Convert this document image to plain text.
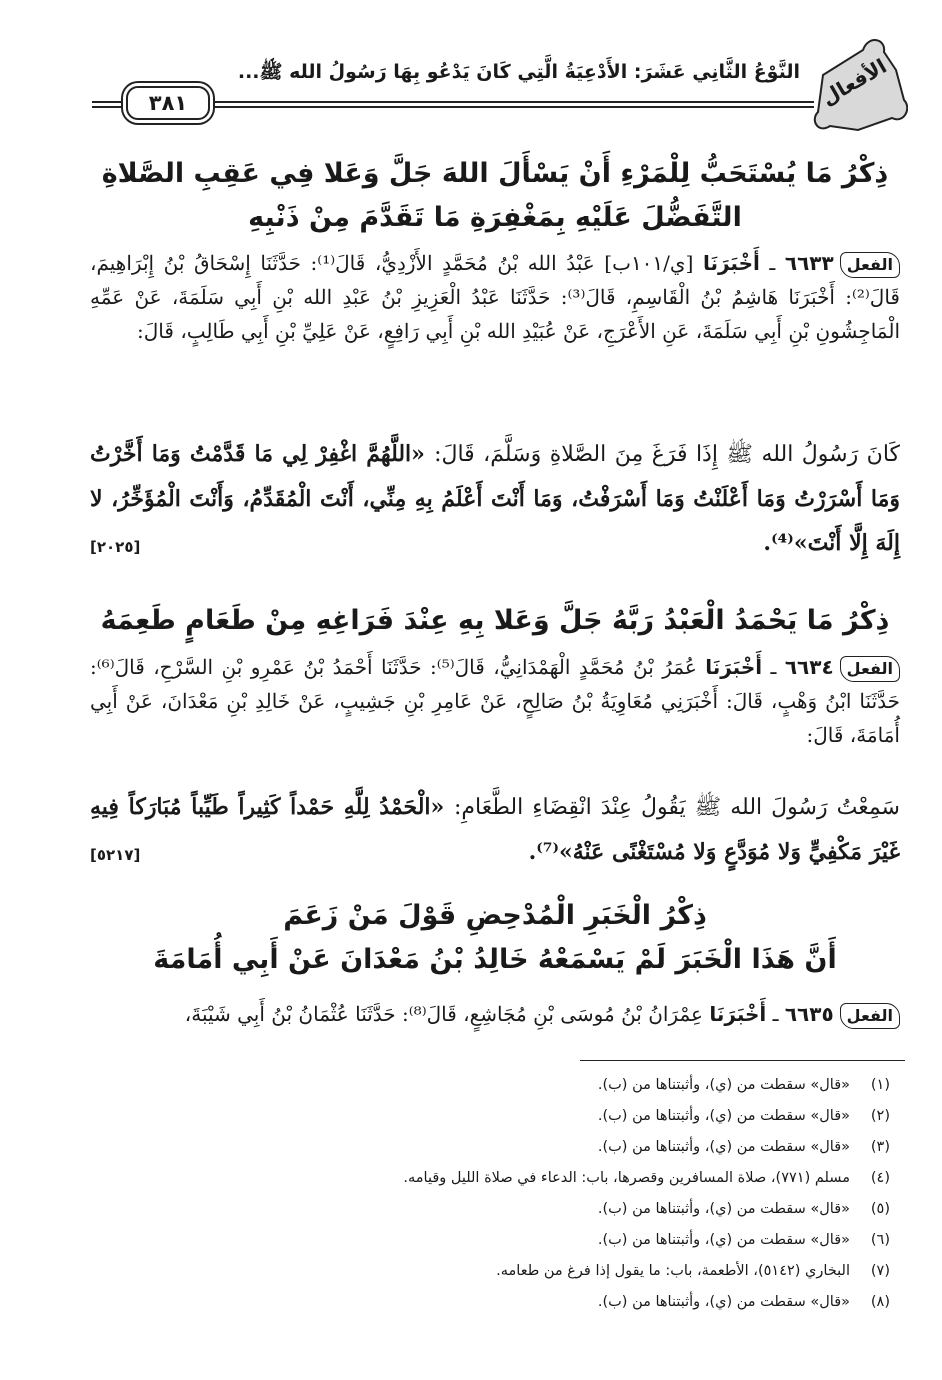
الأفعال
النَّوْعُ الثَّانِي عَشَرَ: الأَدْعِيَةُ الَّتِي كَانَ يَدْعُو بِهَا رَسُولُ الله ﷺ...
٣٨١
ذِكْرُ مَا يُسْتَحَبُّ لِلْمَرْءِ أَنْ يَسْأَلَ اللهَ جَلَّ وَعَلا فِي عَقِبِ الصَّلاةِ
التَّفَضُّلَ عَلَيْهِ بِمَغْفِرَةِ مَا تَقَدَّمَ مِنْ ذَنْبِهِ
الفعل٦٦٣٣ ـ أَخْبَرَنَا [ي/١٠١ب] عَبْدُ الله بْنُ مُحَمَّدٍ الأَزْدِيُّ، قَالَ⁽¹⁾: حَدَّثَنَا إِسْحَاقُ بْنُ إِبْرَاهِيمَ، قَالَ⁽²⁾: أَخْبَرَنَا هَاشِمُ بْنُ الْقَاسِمِ، قَالَ⁽³⁾: حَدَّثَنَا عَبْدُ الْعَزِيزِ بْنُ عَبْدِ الله بْنِ أَبِي سَلَمَةَ، عَنْ عَمِّهِ الْمَاجِشُونِ بْنِ أَبِي سَلَمَةَ، عَنِ الأَعْرَجِ، عَنْ عُبَيْدِ الله بْنِ أَبِي رَافِعٍ، عَنْ عَلِيِّ بْنِ أَبِي طَالِبٍ، قَالَ:
كَانَ رَسُولُ الله ﷺ إِذَا فَرَغَ مِنَ الصَّلاةِ وَسَلَّمَ، قَالَ: «اللَّهُمَّ اغْفِرْ لِي مَا قَدَّمْتُ وَمَا أَخَّرْتُ وَمَا أَسْرَرْتُ وَمَا أَعْلَنْتُ وَمَا أَسْرَفْتُ، وَمَا أَنْتَ أَعْلَمُ بِهِ مِنِّي، أَنْتَ الْمُقَدِّمُ، وَأَنْتَ الْمُؤَخِّرُ، لا إِلَهَ إِلَّا أَنْتَ»⁽⁴⁾.
[٢٠٢٥]
ذِكْرُ مَا يَحْمَدُ الْعَبْدُ رَبَّهُ جَلَّ وَعَلا بِهِ عِنْدَ فَرَاغِهِ مِنْ طَعَامٍ طَعِمَهُ
الفعل٦٦٣٤ ـ أَخْبَرَنَا عُمَرُ بْنُ مُحَمَّدٍ الْهَمْدَانِيُّ، قَالَ⁽⁵⁾: حَدَّثَنَا أَحْمَدُ بْنُ عَمْرِو بْنِ السَّرْحِ، قَالَ⁽⁶⁾: حَدَّثَنَا ابْنُ وَهْبٍ، قَالَ: أَخْبَرَنِي مُعَاوِيَةُ بْنُ صَالِحٍ، عَنْ عَامِرِ بْنِ جَشِيبٍ، عَنْ خَالِدِ بْنِ مَعْدَانَ، عَنْ أَبِي أُمَامَةَ، قَالَ:
سَمِعْتُ رَسُولَ الله ﷺ يَقُولُ عِنْدَ انْقِضَاءِ الطَّعَامِ: «الْحَمْدُ لِلَّهِ حَمْداً كَثِيراً طَيِّباً مُبَارَكاً فِيهِ غَيْرَ مَكْفِيٍّ وَلا مُوَدَّعٍ وَلا مُسْتَغْنًى عَنْهُ»⁽⁷⁾.
[٥٢١٧]
ذِكْرُ الْخَبَرِ الْمُدْحِضِ قَوْلَ مَنْ زَعَمَ
أَنَّ هَذَا الْخَبَرَ لَمْ يَسْمَعْهُ خَالِدُ بْنُ مَعْدَانَ عَنْ أَبِي أُمَامَةَ
الفعل٦٦٣٥ ـ أَخْبَرَنَا عِمْرَانُ بْنُ مُوسَى بْنِ مُجَاشِعٍ، قَالَ⁽⁸⁾: حَدَّثَنَا عُثْمَانُ بْنُ أَبِي شَيْبَةَ،
(١)
«قال» سقطت من (ي)، وأثبتناها من (ب).
(٢)
«قال» سقطت من (ي)، وأثبتناها من (ب).
(٣)
«قال» سقطت من (ي)، وأثبتناها من (ب).
(٤)
مسلم (٧٧١)، صلاة المسافرين وقصرها، باب: الدعاء في صلاة الليل وقيامه.
(٥)
«قال» سقطت من (ي)، وأثبتناها من (ب).
(٦)
«قال» سقطت من (ي)، وأثبتناها من (ب).
(٧)
البخاري (٥١٤٢)، الأطعمة، باب: ما يقول إذا فرغ من طعامه.
(٨)
«قال» سقطت من (ي)، وأثبتناها من (ب).
